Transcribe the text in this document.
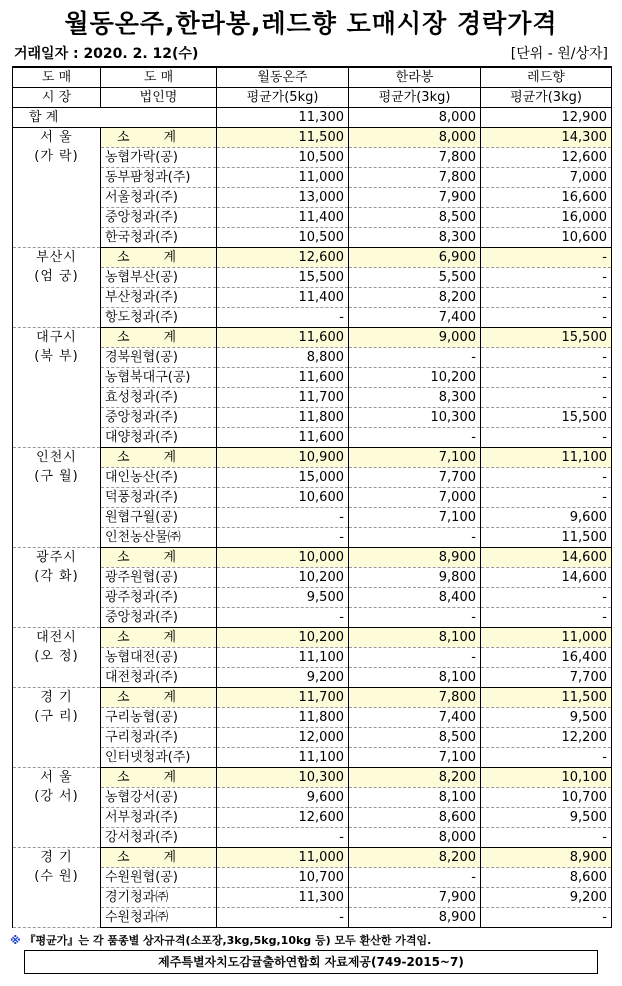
월동온주,한라봉,레드향 도매시장 경락가격
거래일자 : 2020. 2. 12(수)	[단위 - 원/상자]
도 매	도 매	월동온주	한라봉	레드향
시 장	법인명	평균가(5kg)	평균가(3kg)	평균가(3kg)
합 계		11,300	8,000	12,900

서 울
(가 락)	소계	11,500	8,000	14,300
	농협가락(공)	10,500	7,800	12,600
	동부팜청과(주)	11,000	7,800	7,000
	서울청과(주)	13,000	7,900	16,600
	중앙청과(주)	11,400	8,500	16,000
	한국청과(주)	10,500	8,300	10,600

부산시
(엄 궁)	소계	12,600	6,900	-
	농협부산(공)	15,500	5,500	-
	부산청과(주)	11,400	8,200	-
	항도청과(주)	-	7,400	-

대구시
(북 부)	소계	11,600	9,000	15,500
	경북원협(공)	8,800	-	-
	농협북대구(공)	11,600	10,200	-
	효성청과(주)	11,700	8,300	-
	중앙청과(주)	11,800	10,300	15,500
	대양청과(주)	11,600	-	-

인천시
(구 월)	소계	10,900	7,100	11,100
	대인농산(주)	15,000	7,700	-
	덕풍청과(주)	10,600	7,000	-
	원협구월(공)	-	7,100	9,600
	인천농산물㈜	-	-	11,500

광주시
(각 화)	소계	10,000	8,900	14,600
	광주원협(공)	10,200	9,800	14,600
	광주청과(주)	9,500	8,400	-
	중앙청과(주)	-	-	-

대전시
(오 정)	소계	10,200	8,100	11,000
	농협대전(공)	11,100	-	16,400
	대전청과(주)	9,200	8,100	7,700

경 기
(구 리)	소계	11,700	7,800	11,500
	구리농협(공)	11,800	7,400	9,500
	구리청과(주)	12,000	8,500	12,200
	인터넷청과(주)	11,100	7,100	-

서 울
(강 서)	소계	10,300	8,200	10,100
	농협강서(공)	9,600	8,100	10,700
	서부청과(주)	12,600	8,600	9,500
	강서청과(주)	-	8,000	-

경 기
(수 원)	소계	11,000	8,200	8,900
	수원원협(공)	10,700	-	8,600
	경기청과㈜	11,300	7,900	9,200
	수원청과㈜	-	8,900	-
※ 『평균가』는 각 품종별 상자규격(소포장,3kg,5kg,10kg 등) 모두 환산한 가격임.
제주특별자치도감귤출하연합회 자료제공(749-2015~7)
